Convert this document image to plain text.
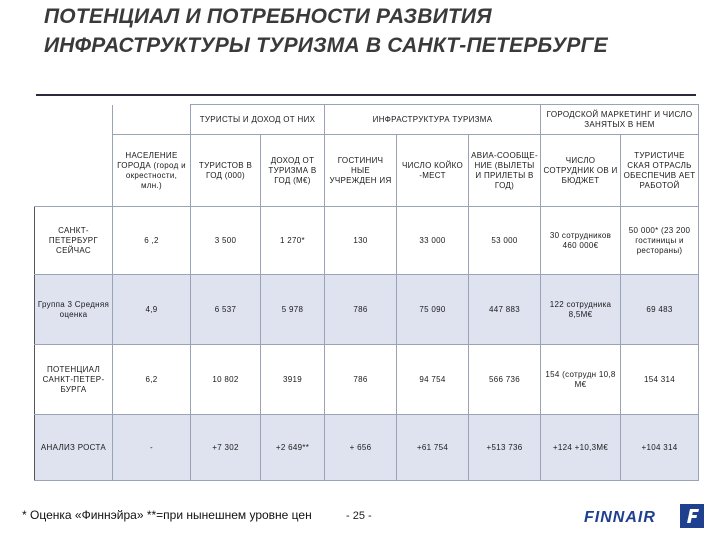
ПОТЕНЦИАЛ И ПОТРЕБНОСТИ РАЗВИТИЯ ИНФРАСТРУКТУРЫ ТУРИЗМА В САНКТ-ПЕТЕРБУРГЕ
		ТУРИСТЫ И ДОХОД ОТ НИХ		ИНФРАСТРУКТУРА ТУРИЗМА			ГОРОДСКОЙ МАРКЕТИНГ И ЧИСЛО ЗАНЯТЫХ В НЕМ	
	НАСЕЛЕНИЕ ГОРОДА (город и окрестности, млн.)	ТУРИСТОВ В ГОД (000)	ДОХОД ОТ ТУРИЗМА В ГОД (М€)	ГОСТИНИЧ НЫЕ УЧРЕЖДЕН ИЯ	ЧИСЛО КОЙКО -МЕСТ	АВИА-СООБЩЕ-НИЕ (ВЫЛЕТЫ И ПРИЛЕТЫ В ГОД)	ЧИСЛО СОТРУДНИК ОВ И БЮДЖЕТ	ТУРИСТИЧЕ СКАЯ ОТРАСЛЬ ОБЕСПЕЧИВ АЕТ РАБОТОЙ
САНКТ-ПЕТЕРБУРГ СЕЙЧАС	6 ,2	3 500	1 270*	130	33 000	53 000	30 сотрудников 460 000€	50 000* (23 200 гостиницы и рестораны)
Группа 3 Средняя оценка	4,9	6 537	5 978	786	75 090	447 883	122 сотрудника 8,5М€	69 483
ПОТЕНЦИАЛ САНКТ-ПЕТЕР-БУРГА	6,2	10 802	3919	786	94 754	566 736	154 (сотрудн 10,8 М€	154 314
АНАЛИЗ РОСТА	-	+7 302	+2 649**	+ 656	+61 754	+513 736	+124 +10,3М€	+104 314
* Оценка «Финнэйра» **=при нынешнем уровне цен	- 25 -	FINNAIR
